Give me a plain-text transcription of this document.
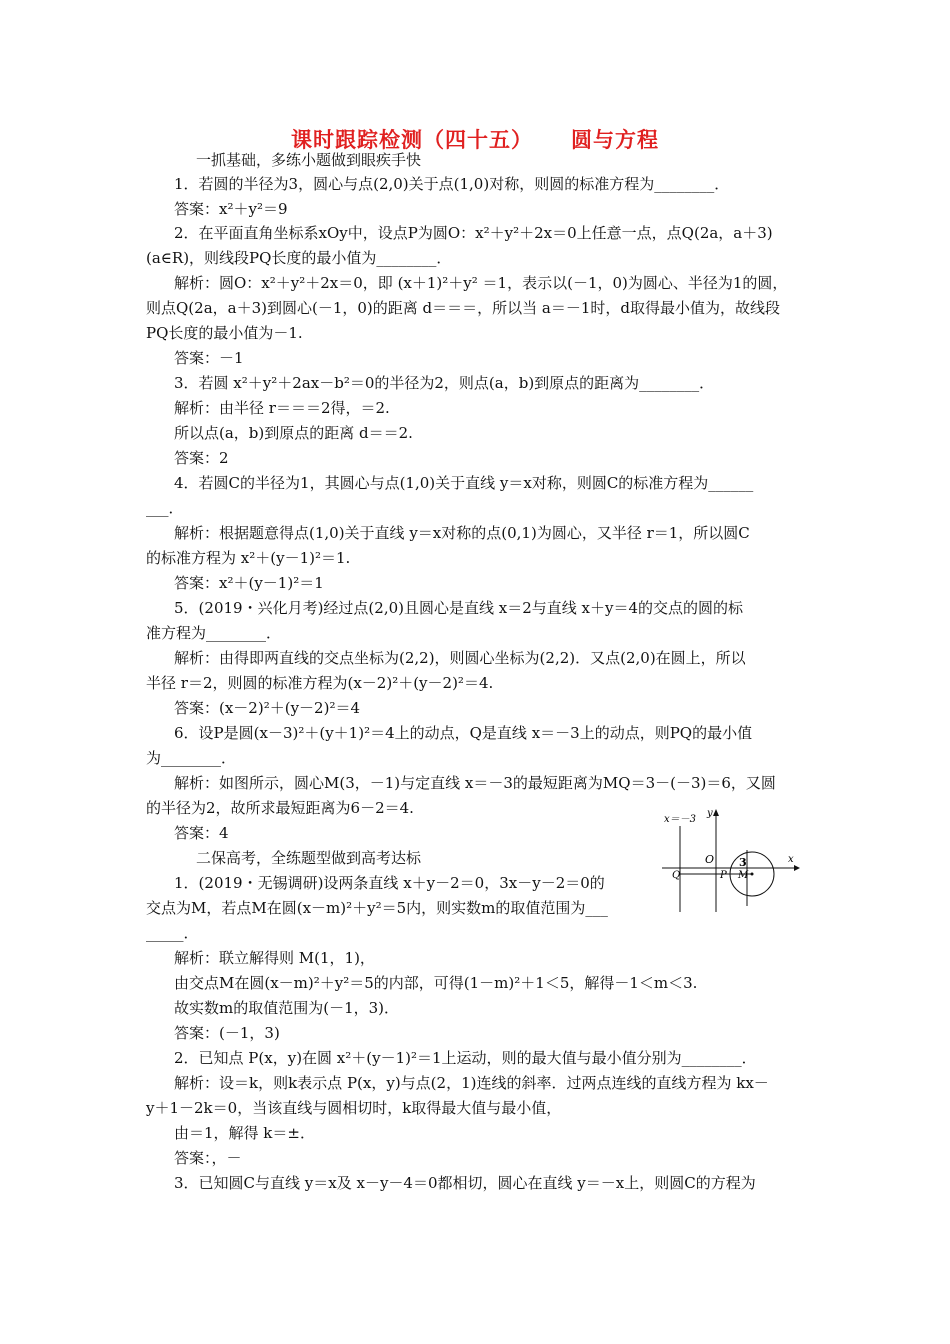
课时跟踪检测（四十五） 圆与方程
一抓基础，多练小题做到眼疾手快
1．若圆的半径为3，圆心与点(2,0)关于点(1,0)对称，则圆的标准方程为________．
答案：x²＋y²＝9
2．在平面直角坐标系xOy中，设点P为圆O：x²＋y²＋2x＝0上任意一点，点Q(2a，a＋3)
(a∈R)，则线段PQ长度的最小值为________．
解析：圆O：x²＋y²＋2x＝0，即 (x＋1)²＋y² ＝1，表示以(－1，0)为圆心、半径为1的圆，
则点Q(2a，a＋3)到圆心(－1，0)的距离 d＝＝＝，所以当 a＝－1时，d取得最小值为，故线段
PQ长度的最小值为－1.
答案：－1
3．若圆 x²＋y²＋2ax－b²＝0的半径为2，则点(a，b)到原点的距离为________．
解析：由半径 r＝＝＝2得，＝2.
所以点(a，b)到原点的距离 d＝＝2.
答案：2
4．若圆C的半径为1，其圆心与点(1,0)关于直线 y＝x对称，则圆C的标准方程为______
___．
解析：根据题意得点(1,0)关于直线 y＝x对称的点(0,1)为圆心，又半径 r＝1，所以圆C
的标准方程为 x²＋(y－1)²＝1.
答案：x²＋(y－1)²＝1
5．(2019・兴化月考)经过点(2,0)且圆心是直线 x＝2与直线 x＋y＝4的交点的圆的标
准方程为________．
解析：由得即两直线的交点坐标为(2,2)，则圆心坐标为(2,2)．又点(2,0)在圆上，所以
半径 r＝2，则圆的标准方程为(x－2)²＋(y－2)²＝4.
答案：(x－2)²＋(y－2)²＝4
6．设P是圆(x－3)²＋(y＋1)²＝4上的动点，Q是直线 x＝－3上的动点，则PQ的最小值
为________．
解析：如图所示，圆心M(3，－1)与定直线 x＝－3的最短距离为MQ＝3－(－3)＝6，又圆
的半径为2，故所求最短距离为6－2＝4.
答案：4
二保高考，全练题型做到高考达标
1．(2019・无锡调研)设两条直线 x＋y－2＝0，3x－y－2＝0的
交点为M，若点M在圆(x－m)²＋y²＝5内，则实数m的取值范围为___
_____．
解析：联立解得则 M(1，1)，
由交点M在圆(x－m)²＋y²＝5的内部，可得(1－m)²＋1＜5，解得－1＜m＜3.
故实数m的取值范围为(－1，3)．
答案：(－1，3)
2．已知点 P(x，y)在圆 x²＋(y－1)²＝1上运动，则的最大值与最小值分别为________．
解析：设＝k，则k表示点 P(x，y)与点(2，1)连线的斜率．过两点连线的直线方程为 kx－
y＋1－2k＝0，当该直线与圆相切时，k取得最大值与最小值，
由＝1，解得 k＝±．
答案：，－
3．已知圆C与直线 y＝x及 x－y－4＝0都相切，圆心在直线 y＝－x上，则圆C的方程为
x＝－3
y
x
O 3
Q	P M
